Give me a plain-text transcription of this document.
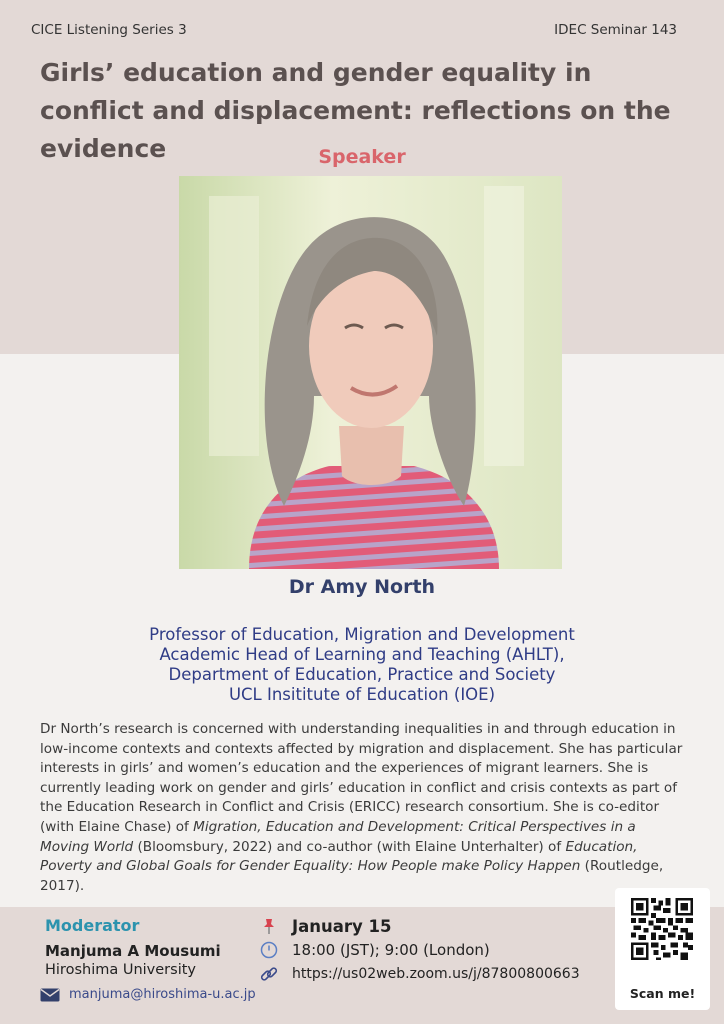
CICE Listening Series 3	IDEC Seminar 143
Girls’ education and gender equality in conflict and displacement: reflections on the evidence	Speaker
Dr Amy North
Professor of Education, Migration and Development
Academic Head of Learning and Teaching (AHLT),
Department of Education, Practice and Society
UCL Insititute of Education (IOE)

Dr North’s research is concerned with understanding inequalities in and through education in low-income contexts and contexts affected by migration and displacement. She has particular interests in girls’ and women’s education and the experiences of migrant learners. She is currently leading work on gender and girls’ education in conflict and crisis contexts as part of the Education Research in Conflict and Crisis (ERICC) research consortium. She is co-editor (with Elaine Chase) of Migration, Education and Development: Critical Perspectives in a Moving World (Bloomsbury, 2022) and co-author (with Elaine Unterhalter) of Education, Poverty and Global Goals for Gender Equality: How People make Policy Happen (Routledge, 2017).

Moderator
Manjuma A Mousumi
Hiroshima University
manjuma@hiroshima-u.ac.jp
January 15
18:00 (JST); 9:00 (London)
https://us02web.zoom.us/j/87800800663
Scan me!
